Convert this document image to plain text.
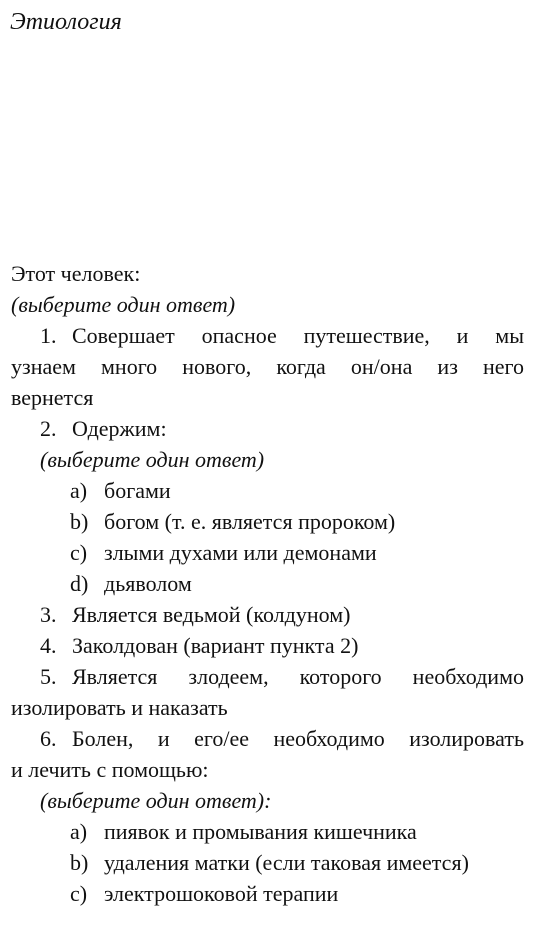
Этиология
Этот человек:
(выберите один ответ)
1. Совершает опасное путешествие, и мы
узнаем много нового, когда он/она из него
вернется
2. Одержим:
(выберите один ответ)
a) богами
b) богом (т. е. является пророком)
c) злыми духами или демонами
d) дьяволом
3. Является ведьмой (колдуном)
4. Заколдован (вариант пункта 2)
5. Является злодеем, которого необходимо
изолировать и наказать
6. Болен, и его/ее необходимо изолировать
и лечить с помощью:
(выберите один ответ):
a) пиявок и промывания кишечника
b) удаления матки (если таковая имеется)
c) электрошоковой терапии
